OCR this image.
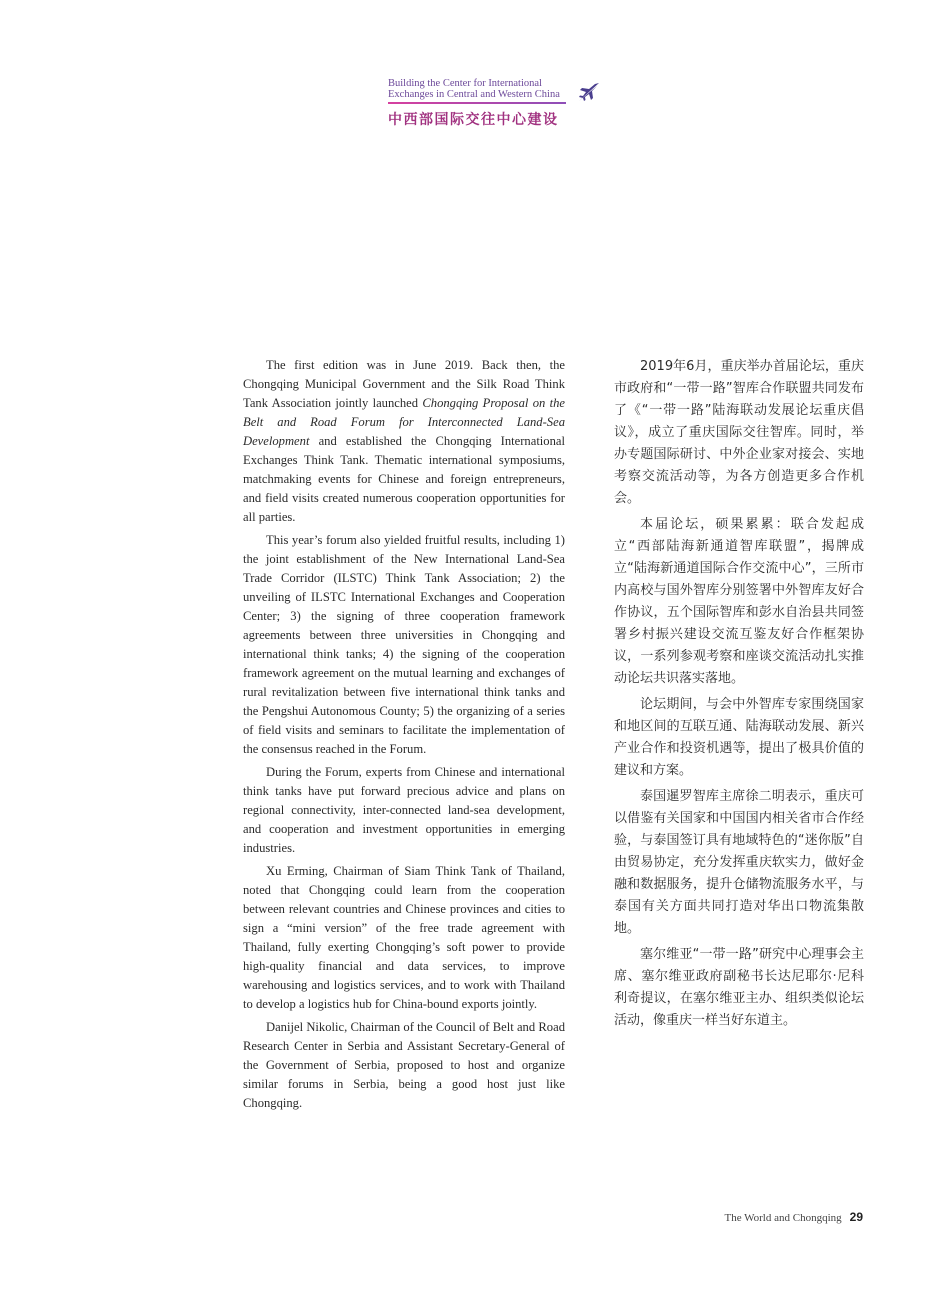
Building the Center for International
Exchanges in Central and Western China
中西部国际交往中心建设

The first edition was in June 2019. Back then, the Chongqing Municipal Government and the Silk Road Think Tank Association jointly launched Chongqing Proposal on the Belt and Road Forum for Interconnected Land-Sea Development and established the Chongqing International Exchanges Think Tank. Thematic international symposiums, matchmaking events for Chinese and foreign entrepreneurs, and field visits created numerous cooperation opportunities for all parties.

This year’s forum also yielded fruitful results, including 1) the joint establishment of the New International Land-Sea Trade Corridor (ILSTC) Think Tank Association; 2) the unveiling of ILSTC International Exchanges and Cooperation Center; 3) the signing of three cooperation framework agreements between three universities in Chongqing and international think tanks; 4) the signing of the cooperation framework agreement on the mutual learning and exchanges of rural revitalization between five international think tanks and the Pengshui Autonomous County; 5) the organizing of a series of field visits and seminars to facilitate the implementation of the consensus reached in the Forum.

During the Forum, experts from Chinese and international think tanks have put forward precious advice and plans on regional connectivity, inter-connected land-sea development, and cooperation and investment opportunities in emerging industries.

Xu Erming, Chairman of Siam Think Tank of Thailand, noted that Chongqing could learn from the cooperation between relevant countries and Chinese provinces and cities to sign a “mini version” of the free trade agreement with Thailand, fully exerting Chongqing’s soft power to provide high-quality financial and data services, to improve warehousing and logistics services, and to work with Thailand to develop a logistics hub for China-bound exports jointly.

Danijel Nikolic, Chairman of the Council of Belt and Road Research Center in Serbia and Assistant Secretary-General of the Government of Serbia, proposed to host and organize similar forums in Serbia, being a good host just like Chongqing.

2019年6月，重庆举办首届论坛，重庆市政府和“一带一路”智库合作联盟共同发布了《“一带一路”陆海联动发展论坛重庆倡议》，成立了重庆国际交往智库。同时，举办专题国际研讨、中外企业家对接会、实地考察交流活动等，为各方创造更多合作机会。

本届论坛，硕果累累：联合发起成立“西部陆海新通道智库联盟”，揭牌成立“陆海新通道国际合作交流中心”，三所市内高校与国外智库分别签署中外智库友好合作协议，五个国际智库和彭水自治县共同签署乡村振兴建设交流互鉴友好合作框架协议，一系列参观考察和座谈交流活动扎实推动论坛共识落实落地。

论坛期间，与会中外智库专家围绕国家和地区间的互联互通、陆海联动发展、新兴产业合作和投资机遇等，提出了极具价值的建议和方案。

泰国暹罗智库主席徐二明表示，重庆可以借鉴有关国家和中国国内相关省市合作经验，与泰国签订具有地域特色的“迷你版”自由贸易协定，充分发挥重庆软实力，做好金融和数据服务，提升仓储物流服务水平，与泰国有关方面共同打造对华出口物流集散地。

塞尔维亚“一带一路”研究中心理事会主席、塞尔维亚政府副秘书长达尼耶尔·尼科利奇提议，在塞尔维亚主办、组织类似论坛活动，像重庆一样当好东道主。

The World and Chongqing 29
